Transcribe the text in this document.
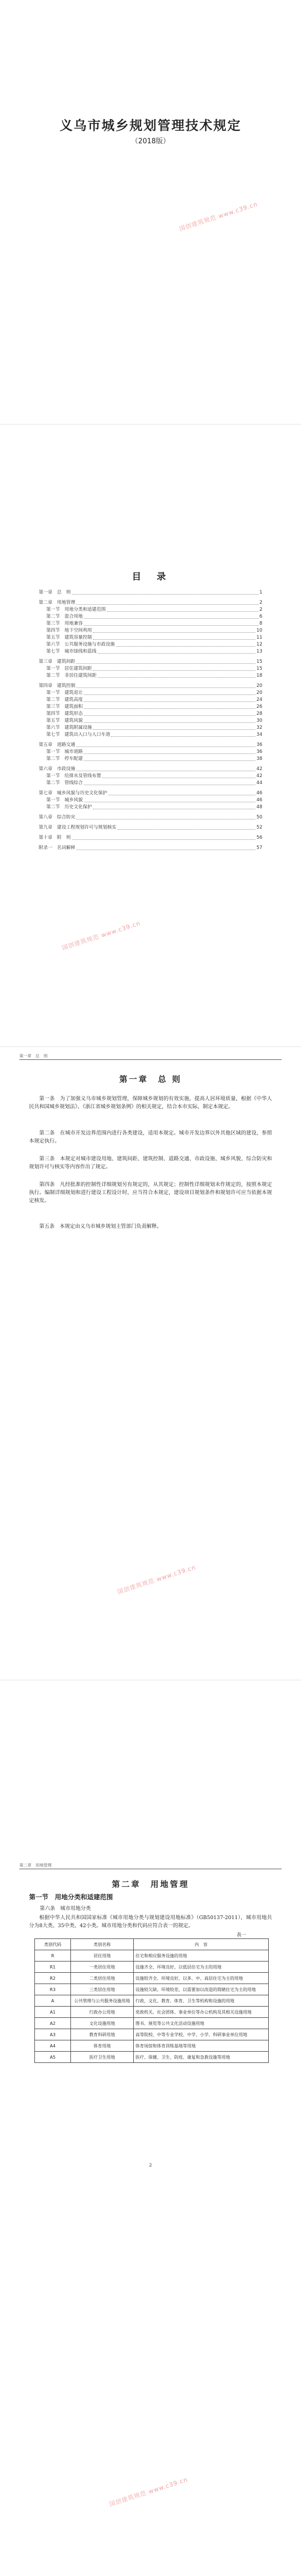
义乌市城乡规划管理技术规定
（2018版）
国创建筑规范 www.c39.cn
目　录
第一章　总　则	1
第二章　用地管理	2
第一节　用地分类和适建范围	2
第二节　混合用地	6
第三节　用地兼容	8
第四节　地下空间利用	10
第五节　建筑容量控制	11
第六节　公共服务设施与市政设施	12
第七节　城市绿线和蓝线	13
第三章　建筑间距	15
第一节　居住建筑间距	15
第二节　非居住建筑间距	18
第四章　建筑控制	20
第一节　建筑退让	20
第二节　建筑高度	24
第三节　建筑面积	26
第四节　建筑形态	28
第五节　建筑风貌	30
第六节　建筑附属设施	32
第七节　建筑出入口与人口车道	34
第五章　道路交通	36
第一节　城市道路	36
第二节　停车配建	38
第六章　市政设施	42
第一节　给排水及管线布置	42
第二节　管线综合	44
第七章　城乡风貌与历史文化保护	46
第一节　城乡风貌	46
第二节　历史文化保护	48
第八章　综合防灾	50
第九章　建设工程规划许可与规划核实	52
第十章　附　则	56
附录一　名词解释	57
国创建筑规范 www.c39.cn
第一章　总　则
第一章　总 则
第一条　为了加强义乌市城乡规划管理，保障城乡规划的有效实施，提高人居环境质量，根据《中华人民共和国城乡规划法》、《浙江省城乡规划条例》的相关规定，结合本市实际，制定本规定。
第二条　在城市开发边界范围内进行各类建设，适用本规定。城市开发边界以外其他区域的建设，参照本规定执行。
第三条　本规定对城市建设用地、建筑间距、建筑控制、道路交通、市政设施、城乡风貌、综合防灾和规划许可与核实等内容作出了规定。
第四条　凡经批准的控制性详细规划另有规定的，从其规定；控制性详细规划未作规定的，按照本规定执行。编制详细规划和进行建设工程设计时，应当符合本规定，建设项目规划条件和规划许可应当依据本规定核发。
第五条　本规定由义乌市城乡规划主管部门负责解释。
国创建筑规范 www.c39.cn
第二章　用地管理
第二章　用地管理
第一节　用地分类和适建范围
第六条　城市用地分类
根据中华人民共和国国家标准《城市用地分类与规划建设用地标准》（GB50137-2011），城市用地共分为8大类、35中类、42小类。城市用地分类和代码应符合表一的规定。
表一
类别代码	类别名称	内　容
R	居住用地	住宅和相应服务设施的用地
R1	一类居住用地	设施齐全、环境良好，以低层住宅为主的用地
R2	二类居住用地	设施较齐全、环境良好，以多、中、高层住宅为主的用地
R3	三类居住用地	设施较欠缺、环境较差，以需要加以改造的简陋住宅为主的用地
A	公共管理与公共服务设施用地	行政、文化、教育、体育、卫生等机构和设施的用地
A1	行政办公用地	党政机关、社会团体、事业单位等办公机构及其相关设施用地
A2	文化设施用地	图书、展览等公共文化活动设施用地
A3	教育科研用地	高等院校、中等专业学校、中学、小学、科研事业单位用地
A4	体育用地	体育场馆和体育训练基地等用地
A5	医疗卫生用地	医疗、保健、卫生、防疫、康复和急救设施等用地
2
国创建筑规范 www.c39.cn
